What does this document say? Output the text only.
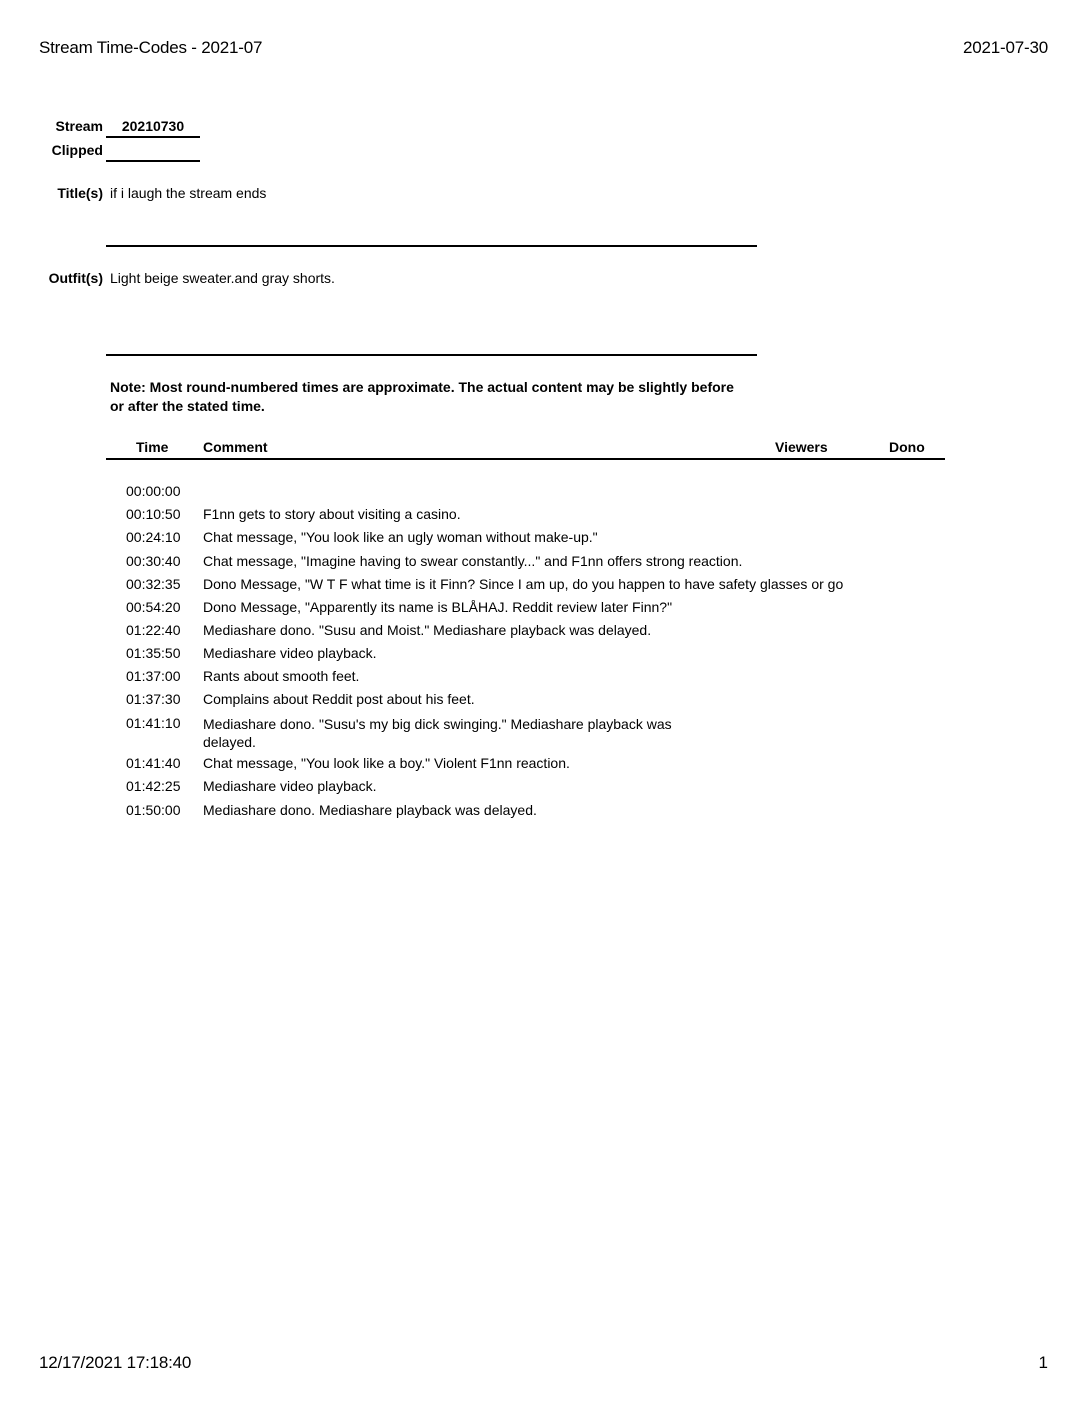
Stream Time-Codes - 2021-07	2021-07-30
Stream	20210730
Clipped
Title(s) if i laugh the stream ends
Outfit(s) Light beige sweater.and gray shorts.
Note: Most round-numbered times are approximate. The actual content may be slightly before or after the stated time.
Time Comment	Viewers	Dono
00:00:00
00:10:50	F1nn gets to story about visiting a casino.
00:24:10	Chat message, "You look like an ugly woman without make-up."
00:30:40	Chat message, "Imagine having to swear constantly..." and F1nn offers strong reaction.
00:32:35	Dono Message, "W T F what time is it Finn? Since I am up, do you happen to have safety glasses or go
00:54:20	Dono Message, "Apparently its name is BLÅHAJ. Reddit review later Finn?"
01:22:40	Mediashare dono. "Susu and Moist." Mediashare playback was delayed.
01:35:50	Mediashare video playback.
01:37:00	Rants about smooth feet.
01:37:30	Complains about Reddit post about his feet.
01:41:10	Mediashare dono. "Susu's my big dick swinging." Mediashare playback was delayed.
01:41:40	Chat message, "You look like a boy." Violent F1nn reaction.
01:42:25	Mediashare video playback.
01:50:00	Mediashare dono. Mediashare playback was delayed.
12/17/2021 17:18:40	1
